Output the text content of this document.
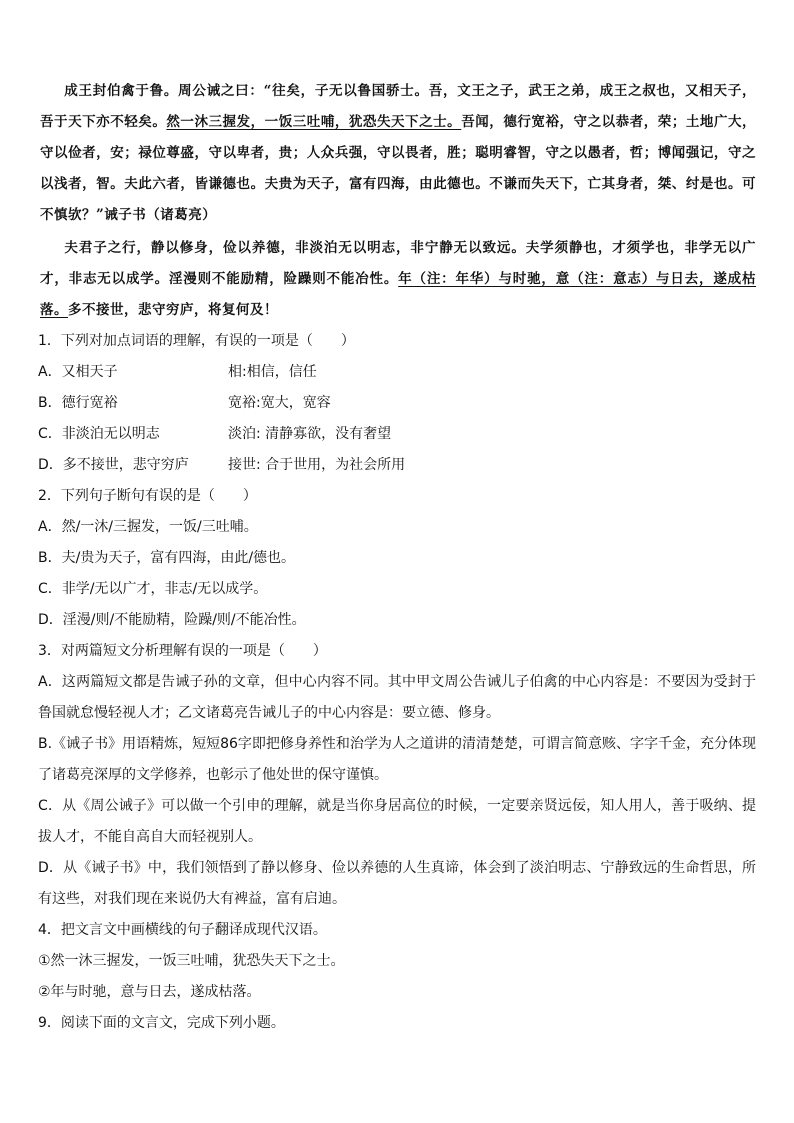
成王封伯禽于鲁。周公诫之曰：“往矣，子无以鲁国骄士。吾，文王之子，武王之弟，成王之叔也，又相天子，吾于天下亦不轻矣。然一沐三握发，一饭三吐哺，犹恐失天下之士。吾闻，德行宽裕，守之以恭者，荣；土地广大，守以俭者，安；禄位尊盛，守以卑者，贵；人众兵强，守以畏者，胜；聪明睿智，守之以愚者，哲；博闻强记，守之以浅者，智。夫此六者，皆谦德也。夫贵为天子，富有四海，由此德也。不谦而失天下，亡其身者，桀、纣是也。可不慎欤？”诫子书（诸葛亮）
夫君子之行，静以修身，俭以养德，非淡泊无以明志，非宁静无以致远。夫学须静也，才须学也，非学无以广才，非志无以成学。淫漫则不能励精，险躁则不能冶性。年（注：年华）与时驰，意（注：意志）与日去，遂成枯落。多不接世，悲守穷庐，将复何及！
1．下列对加点词语的理解，有误的一项是（　　）
A．又相天子	相:相信，信任
B．德行宽裕	宽裕:宽大，宽容
C．非淡泊无以明志	淡泊: 清静寡欲，没有奢望
D．多不接世，悲守穷庐	接世: 合于世用，为社会所用
2．下列句子断句有误的是（　　）
A．然/一沐/三握发，一饭/三吐哺。
B．夫/贵为天子，富有四海，由此/德也。
C．非学/无以广才，非志/无以成学。
D．淫漫/则/不能励精，险躁/则/不能冶性。
3．对两篇短文分析理解有误的一项是（　　）
A．这两篇短文都是告诫子孙的文章，但中心内容不同。其中甲文周公告诫儿子伯禽的中心内容是：不要因为受封于鲁国就怠慢轻视人才；乙文诸葛亮告诫儿子的中心内容是：要立德、修身。
B.《诫子书》用语精炼，短短86字即把修身养性和治学为人之道讲的清清楚楚，可谓言简意赅、字字千金，充分体现了诸葛亮深厚的文学修养，也彰示了他处世的保守谨慎。
C．从《周公诫子》可以做一个引申的理解，就是当你身居高位的时候，一定要亲贤远佞，知人用人，善于吸纳、提拔人才，不能自高自大而轻视别人。
D．从《诫子书》中，我们领悟到了静以修身、俭以养德的人生真谛，体会到了淡泊明志、宁静致远的生命哲思，所有这些，对我们现在来说仍大有裨益，富有启迪。
4．把文言文中画横线的句子翻译成现代汉语。
①然一沐三握发，一饭三吐哺，犹恐失天下之士。
②年与时驰，意与日去，遂成枯落。
9．阅读下面的文言文，完成下列小题。
